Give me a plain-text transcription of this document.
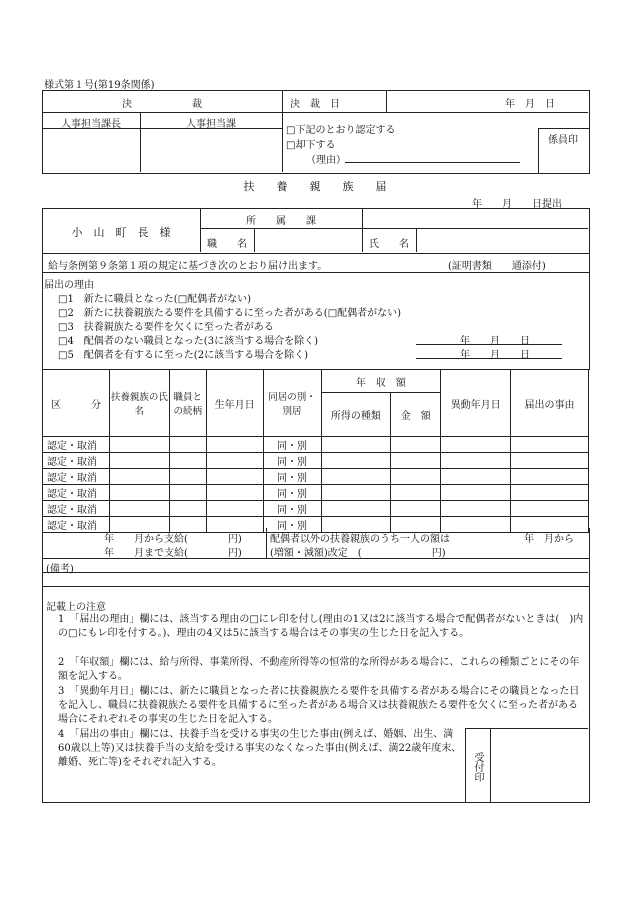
様式第１号(第19条関係)
決　　　　　　裁	決　裁　日	年　月　日
人事担当課長	人事担当課
□下記のとおり認定する
□却下する
（理由）
係員印
扶　　養　　親　　族　　届
年　　月　　日提出
小　山　町　長　様
所　　属　　課
職　　名	氏　　名
給与条例第９条第１項の規定に基づき次のとおり届け出ます。	(証明書類　　通添付)
届出の理由
□1　新たに職員となった(□配偶者がない)
□2　新たに扶養親族たる要件を具備するに至った者がある(□配偶者がない)
□3　扶養親族たる要件を欠くに至った者がある
□4　配偶者のない職員となった(3に該当する場合を除く)
□5　配偶者を有するに至った(2に該当する場合を除く)
年　　月　　日
年　　月　　日
区　　　分	扶養親族の氏名	職員との続柄	生年月日	同居の別・別居	年　収　額		異動年月日	届出の事由
					所得の種類	金　額		
認定・取消				同・別				
認定・取消				同・別				
認定・取消				同・別				
認定・取消				同・別				
認定・取消				同・別				
認定・取消				同・別				
年　　月から支給(　　　　円)
年　　月まで支給(　　　　円)
配偶者以外の扶養親族のうち一人の額は	年　月から
(増額・減額)改定　(　　　　　　　円)
(備考)
記載上の注意
1　「届出の理由」欄には、該当する理由の□にレ印を付し(理由の1又は2に該当する場合で配偶者がないときは(　)内の□にもレ印を付する。)、理由の4又は5に該当する場合はその事実の生じた日を記入する。
2　「年収額」欄には、給与所得、事業所得、不動産所得等の恒常的な所得がある場合に、これらの種類ごとにその年額を記入する。
3　「異動年月日」欄には、新たに職員となった者に扶養親族たる要件を具備する者がある場合にその職員となった日を記入し、職員に扶養親族たる要件を具備するに至った者がある場合又は扶養親族たる要件を欠くに至った者がある場合にそれぞれその事実の生じた日を記入する。
4　「届出の事由」欄には、扶養手当を受ける事実の生じた事由(例えば、婚姻、出生、満60歳以上等)又は扶養手当の支給を受ける事実のなくなった事由(例えば、満22歳年度末、離婚、死亡等)をそれぞれ記入する。	受付印
